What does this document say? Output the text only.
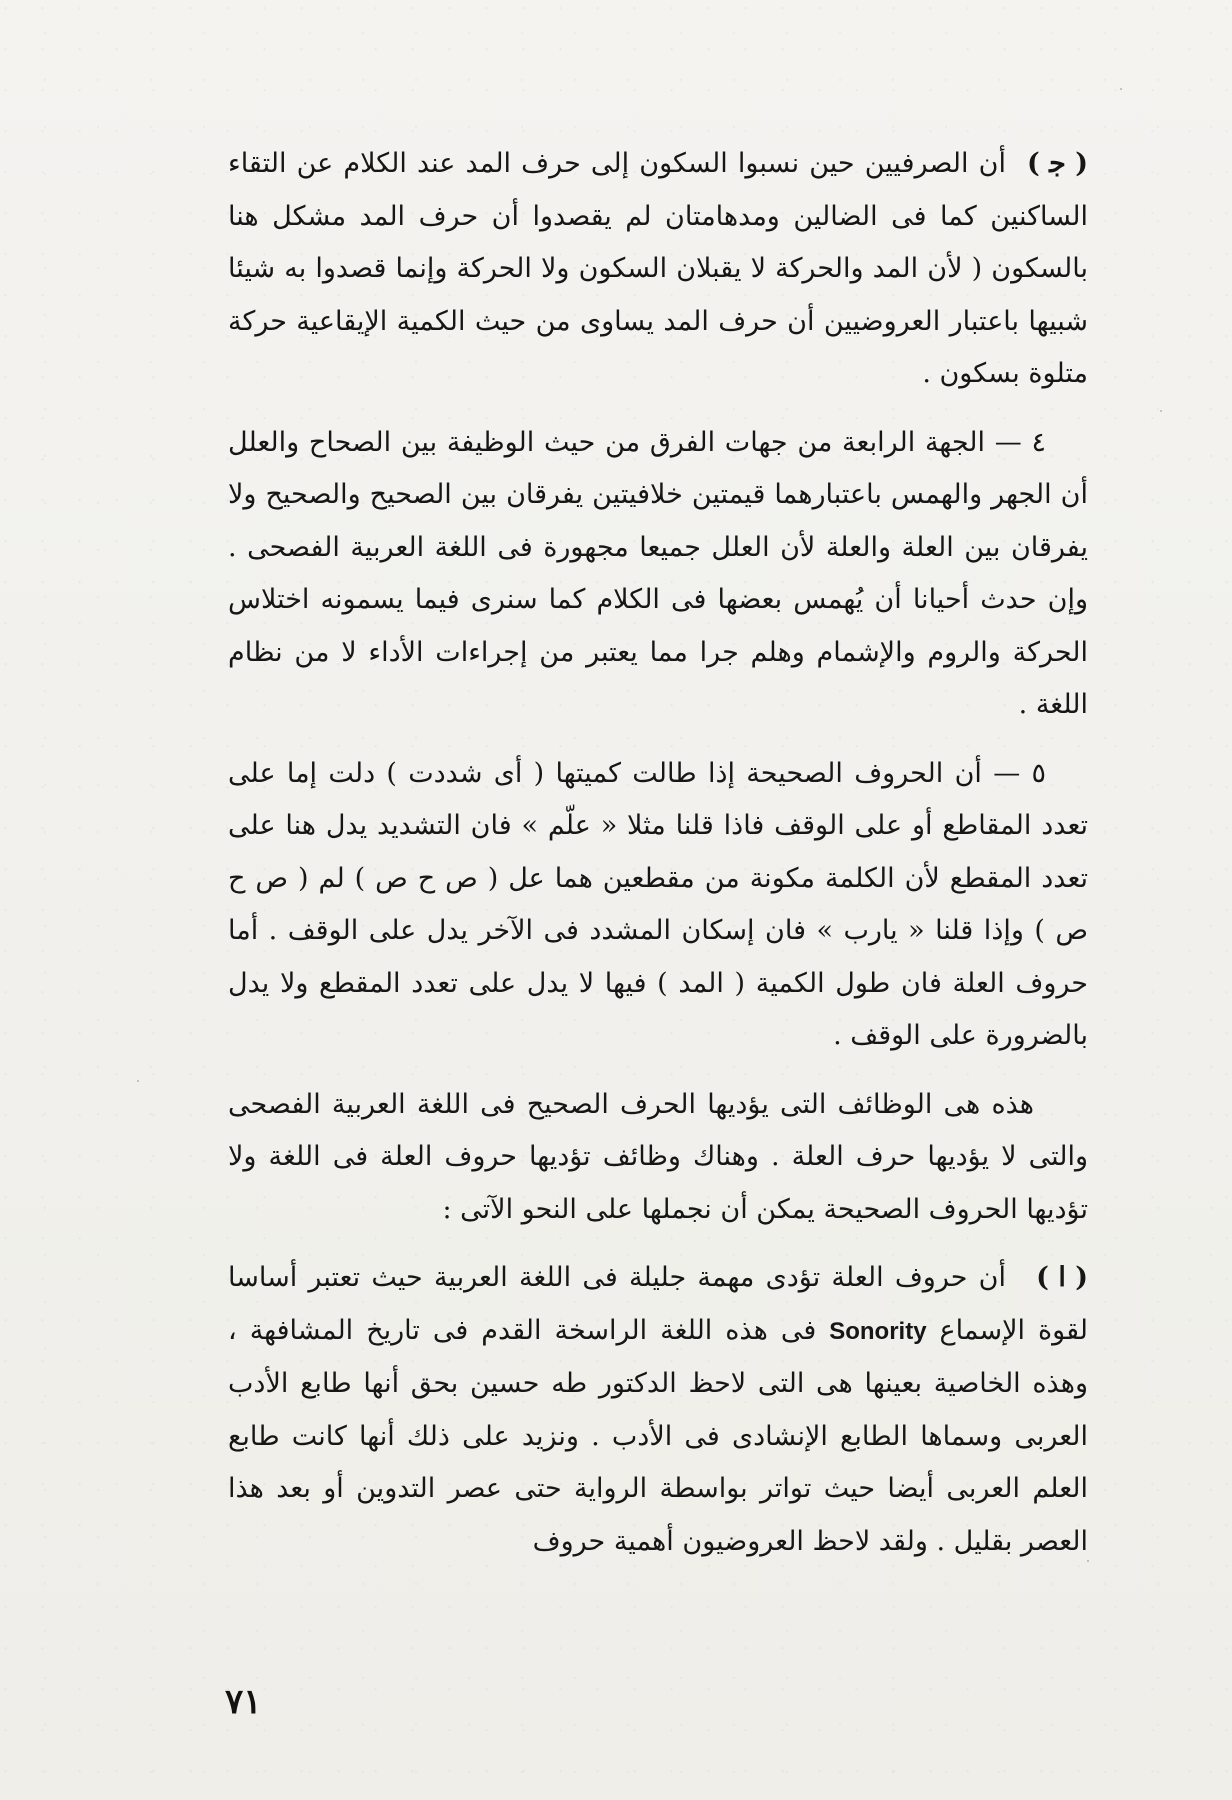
( ﺟ )
أن الصرفيين حين نسبوا السكون إلى حرف المد عند الكلام عن التقاء الساكنين كما فى الضالين ومدهامتان لم يقصدوا أن حرف المد مشكل هنا بالسكون ( لأن المد والحركة لا يقبلان السكون ولا الحركة وإنما قصدوا به شيئا شبيها باعتبار العروضيين أن حرف المد يساوى من حيث الكمية الإيقاعية حركة متلوة بسكون .

٤ — الجهة الرابعة من جهات الفرق من حيث الوظيفة بين الصحاح والعلل أن الجهر والهمس باعتبارهما قيمتين خلافيتين يفرقان بين الصحيح والصحيح ولا يفرقان بين العلة والعلة لأن العلل جميعا مجهورة فى اللغة العربية الفصحى . وإن حدث أحيانا أن يُهمس بعضها فى الكلام كما سنرى فيما يسمونه اختلاس الحركة والروم والإشمام وهلم جرا مما يعتبر من إجراءات الأداء لا من نظام اللغة .

٥ — أن الحروف الصحيحة إذا طالت كميتها ( أى شددت ) دلت إما على تعدد المقاطع أو على الوقف فاذا قلنا مثلا « علّم » فان التشديد يدل هنا على تعدد المقطع لأن الكلمة مكونة من مقطعين هما عل ( ص ح ص ) لم ( ص ح ص ) وإذا قلنا « يارب » فان إسكان المشدد فى الآخر يدل على الوقف . أما حروف العلة فان طول الكمية ( المد ) فيها لا يدل على تعدد المقطع ولا يدل بالضرورة على الوقف .

هذه هى الوظائف التى يؤديها الحرف الصحيح فى اللغة العربية الفصحى والتى لا يؤديها حرف العلة . وهناك وظائف تؤديها حروف العلة فى اللغة ولا تؤديها الحروف الصحيحة يمكن أن نجملها على النحو الآتى :

( ا )
أن حروف العلة تؤدى مهمة جليلة فى اللغة العربية حيث تعتبر أساسا لقوة الإسماع Sonority فى هذه اللغة الراسخة القدم فى تاريخ المشافهة ، وهذه الخاصية بعينها هى التى لاحظ الدكتور طه حسين بحق أنها طابع الأدب العربى وسماها الطابع الإنشادى فى الأدب . ونزيد على ذلك أنها كانت طابع العلم العربى أيضا حيث تواتر بواسطة الرواية حتى عصر التدوين أو بعد هذا العصر بقليل . ولقد لاحظ العروضيون أهمية حروف

٧١
